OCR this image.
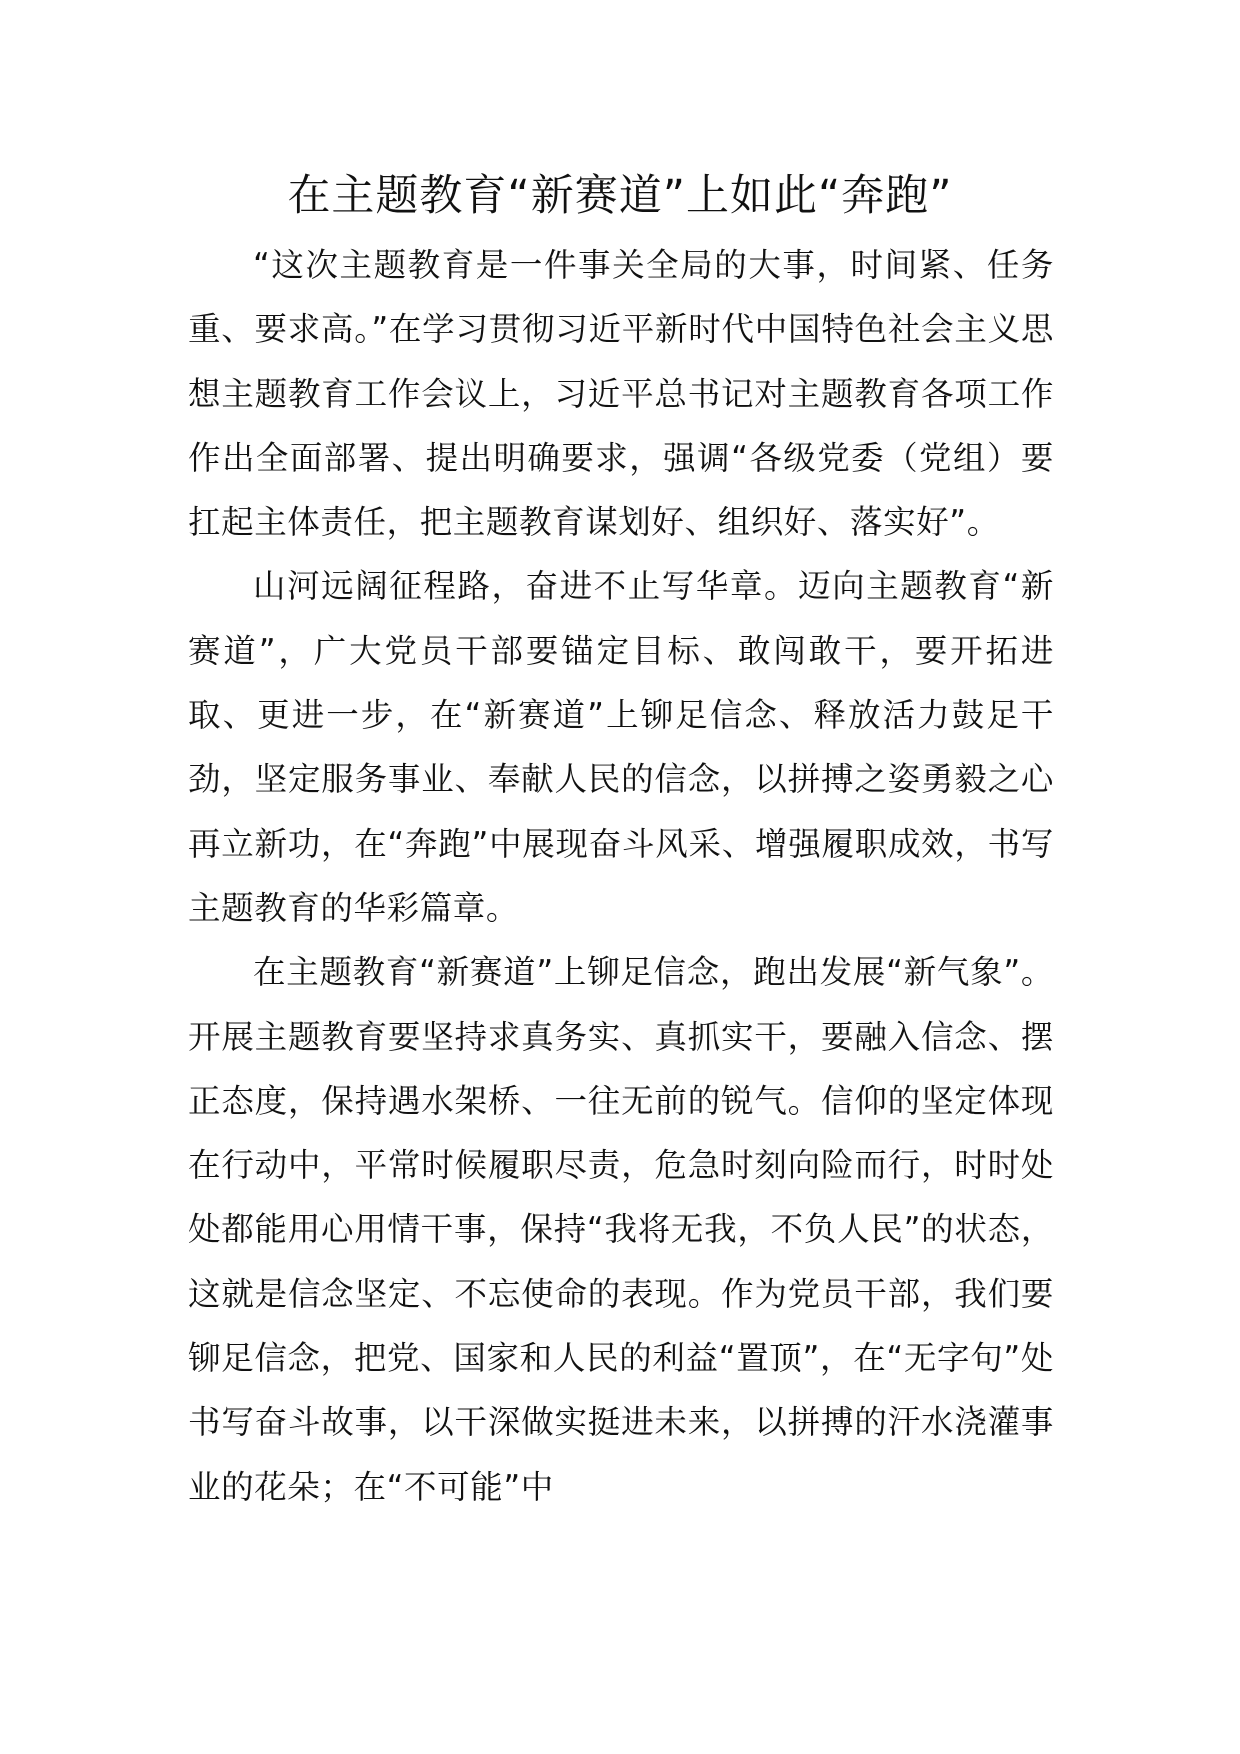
在主题教育“新赛道”上如此“奔跑”

“这次主题教育是一件事关全局的大事，时间紧、任务重、要求高。”在学习贯彻习近平新时代中国特色社会主义思想主题教育工作会议上，习近平总书记对主题教育各项工作作出全面部署、提出明确要求，强调“各级党委（党组）要扛起主体责任，把主题教育谋划好、组织好、落实好”。

山河远阔征程路，奋进不止写华章。迈向主题教育“新赛道”，广大党员干部要锚定目标、敢闯敢干，要开拓进取、更进一步，在“新赛道”上铆足信念、释放活力鼓足干劲，坚定服务事业、奉献人民的信念，以拼搏之姿勇毅之心再立新功，在“奔跑”中展现奋斗风采、增强履职成效，书写主题教育的华彩篇章。

在主题教育“新赛道”上铆足信念，跑出发展“新气象”。开展主题教育要坚持求真务实、真抓实干，要融入信念、摆正态度，保持遇水架桥、一往无前的锐气。信仰的坚定体现在行动中，平常时候履职尽责，危急时刻向险而行，时时处处都能用心用情干事，保持“我将无我，不负人民”的状态，这就是信念坚定、不忘使命的表现。作为党员干部，我们要铆足信念，把党、国家和人民的利益“置顶”，在“无字句”处书写奋斗故事，以干深做实挺进未来，以拼搏的汗水浇灌事业的花朵；在“不可能”中
